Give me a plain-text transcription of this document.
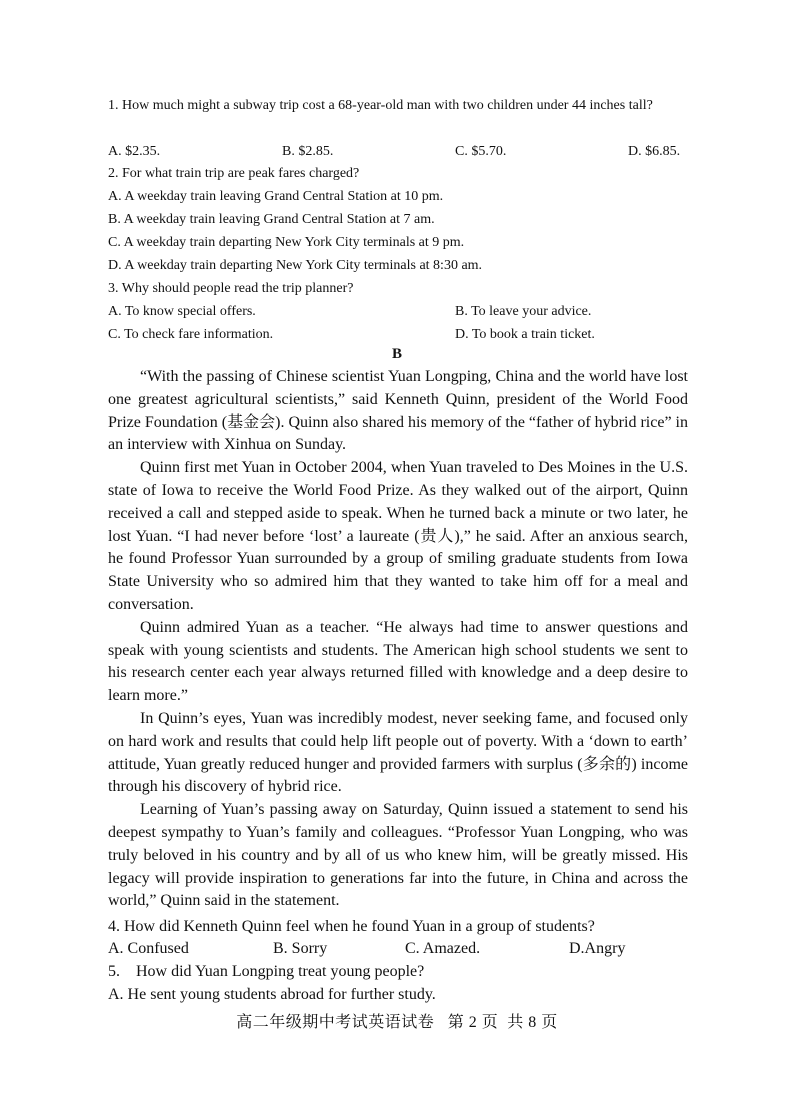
1. How much might a subway trip cost a 68-year-old man with two children under 44 inches tall?
A. $2.35.	B. $2.85.	C. $5.70.	D. $6.85.
2. For what train trip are peak fares charged?
A. A weekday train leaving Grand Central Station at 10 pm.
B. A weekday train leaving Grand Central Station at 7 am.
C. A weekday train departing New York City terminals at 9 pm.
D. A weekday train departing New York City terminals at 8:30 am.
3. Why should people read the trip planner?
A. To know special offers.	B. To leave your advice.
C. To check fare information.	D. To book a train ticket.
B

“With the passing of Chinese scientist Yuan Longping, China and the world have lost one greatest agricultural scientists,” said Kenneth Quinn, president of the World Food Prize Foundation (基金会). Quinn also shared his memory of the “father of hybrid rice” in an interview with Xinhua on Sunday.

Quinn first met Yuan in October 2004, when Yuan traveled to Des Moines in the U.S. state of Iowa to receive the World Food Prize. As they walked out of the airport, Quinn received a call and stepped aside to speak. When he turned back a minute or two later, he lost Yuan. “I had never before ‘lost’ a laureate (贵人),” he said. After an anxious search, he found Professor Yuan surrounded by a group of smiling graduate students from Iowa State University who so admired him that they wanted to take him off for a meal and conversation.

Quinn admired Yuan as a teacher. “He always had time to answer questions and speak with young scientists and students. The American high school students we sent to his research center each year always returned filled with knowledge and a deep desire to learn more.”

In Quinn’s eyes, Yuan was incredibly modest, never seeking fame, and focused only on hard work and results that could help lift people out of poverty. With a ‘down to earth’ attitude, Yuan greatly reduced hunger and provided farmers with surplus (多余的) income through his discovery of hybrid rice.

Learning of Yuan’s passing away on Saturday, Quinn issued a statement to send his deepest sympathy to Yuan’s family and colleagues. “Professor Yuan Longping, who was truly beloved in his country and by all of us who knew him, will be greatly missed. His legacy will provide inspiration to generations far into the future, in China and across the world,” Quinn said in the statement.

4. How did Kenneth Quinn feel when he found Yuan in a group of students?
A. Confused	B. Sorry	C. Amazed.	D.Angry
5.    How did Yuan Longping treat young people?
A. He sent young students abroad for further study.
高二年级期中考试英语试卷   第 2 页  共 8 页
